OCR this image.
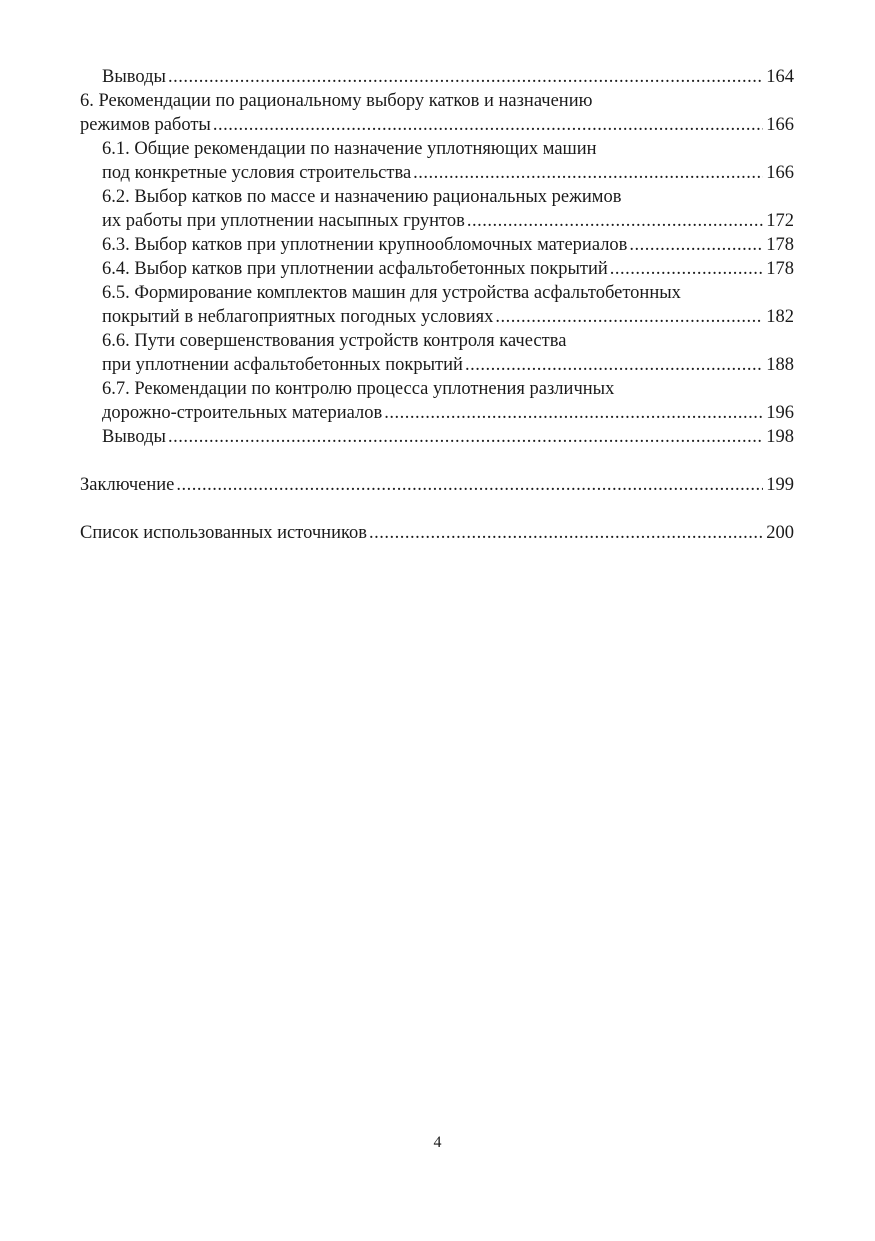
Выводы .....	164
6. Рекомендации по рациональному выбору катков и назначению
режимов работы .....	166
6.1. Общие рекомендации по назначение уплотняющих машин
под конкретные условия строительства .....	166
6.2. Выбор катков по массе и назначению рациональных режимов
их работы при уплотнении насыпных грунтов .....	172
6.3. Выбор катков при уплотнении крупнообломочных материалов .....	178
6.4. Выбор катков при уплотнении асфальтобетонных покрытий .....	178
6.5. Формирование комплектов машин для устройства асфальтобетонных
покрытий в неблагоприятных погодных условиях .....	182
6.6. Пути совершенствования устройств контроля качества
при уплотнении асфальтобетонных покрытий .....	188
6.7. Рекомендации по контролю процесса уплотнения различных
дорожно-строительных материалов .....	196
Выводы .....	198
Заключение .....	199
Список использованных источников .....	200
4
